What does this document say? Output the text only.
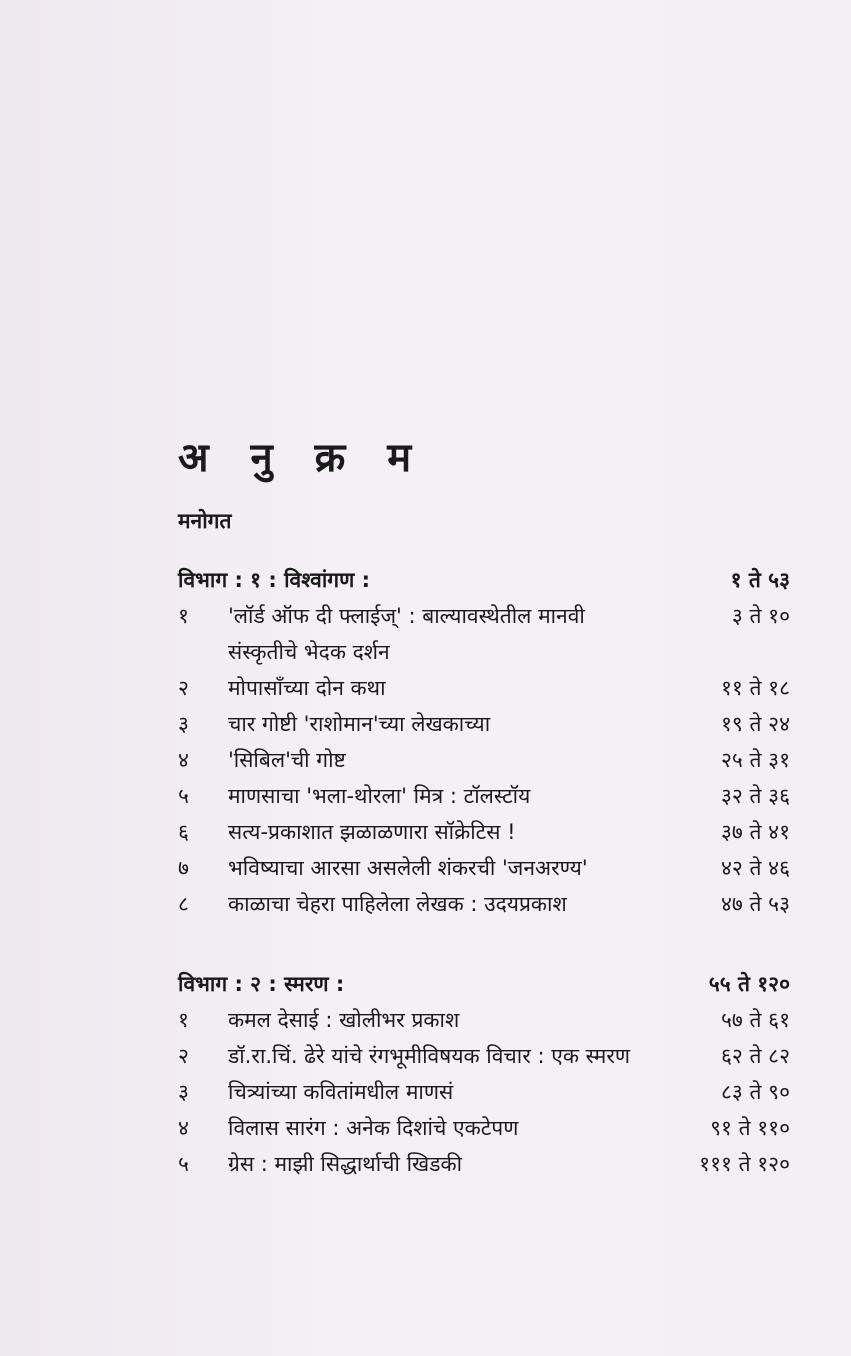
अ नु क्र म
मनोगत
विभाग : १ : विश्वांगण :	१ ते ५३
१	'लॉर्ड ऑफ दी फ्लाईज्' : बाल्यावस्थेतील मानवी	३ ते १०
संस्कृतीचे भेदक दर्शन
२	मोपासाँच्या दोन कथा	११ ते १८
३	चार गोष्टी 'राशोमान'च्या लेखकाच्या	१९ ते २४
४	'सिबिल'ची गोष्ट	२५ ते ३१
५	माणसाचा 'भला-थोरला' मित्र : टॉलस्टॉय	३२ ते ३६
६	सत्य-प्रकाशात झळाळणारा सॉक्रेटिस !	३७ ते ४१
७	भविष्याचा आरसा असलेली शंकरची 'जनअरण्य'	४२ ते ४६
८	काळाचा चेहरा पाहिलेला लेखक : उदयप्रकाश	४७ ते ५३
विभाग : २ : स्मरण :	५५ ते १२०
१	कमल देसाई : खोलीभर प्रकाश	५७ ते ६१
२	डॉ.रा.चिं. ढेरे यांचे रंगभूमीविषयक विचार : एक स्मरण	६२ ते ८२
३	चित्र्यांच्या कवितांमधील माणसं	८३ ते ९०
४	विलास सारंग : अनेक दिशांचे एकटेपण	९१ ते ११०
५	ग्रेस : माझी सिद्धार्थाची खिडकी	१११ ते १२०
